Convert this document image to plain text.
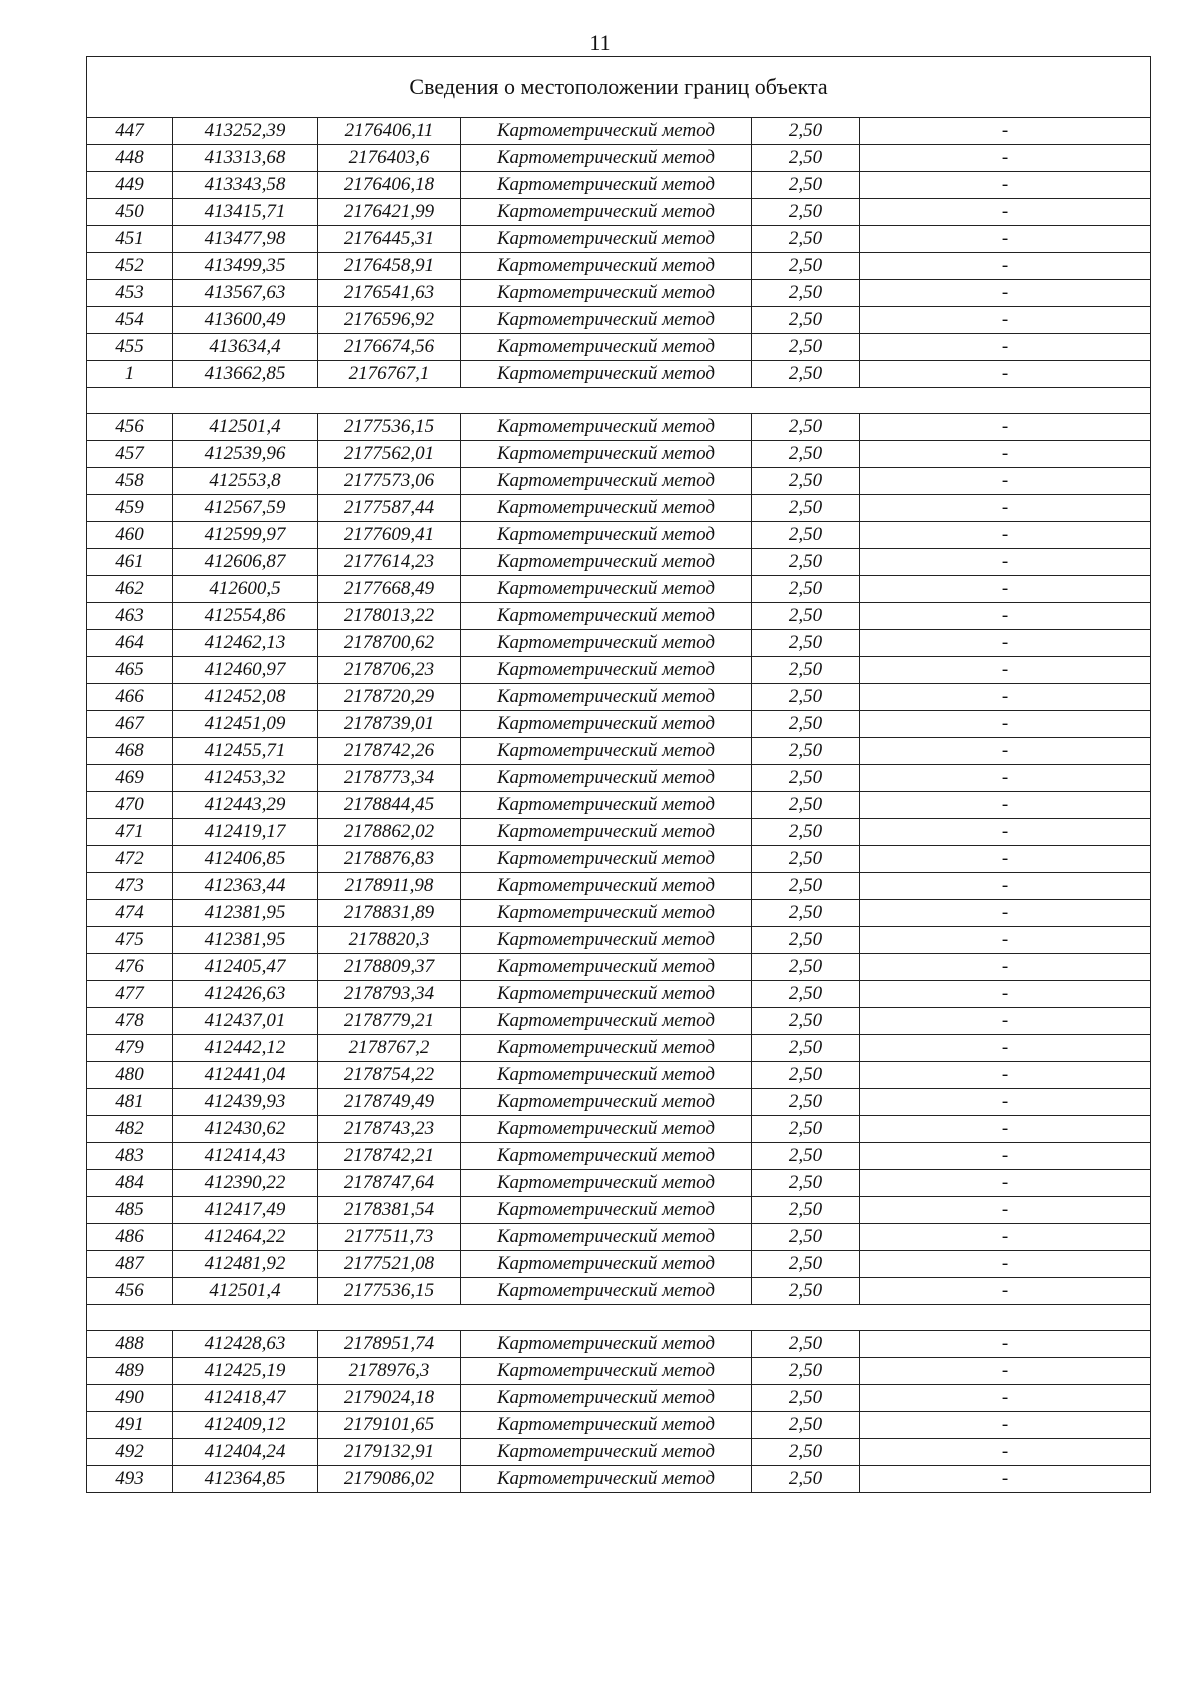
11
Сведения о местоположении границ объекта					
447	413252,39	2176406,11	Картометрический метод	2,50	-
448	413313,68	2176403,6	Картометрический метод	2,50	-
449	413343,58	2176406,18	Картометрический метод	2,50	-
450	413415,71	2176421,99	Картометрический метод	2,50	-
451	413477,98	2176445,31	Картометрический метод	2,50	-
452	413499,35	2176458,91	Картометрический метод	2,50	-
453	413567,63	2176541,63	Картометрический метод	2,50	-
454	413600,49	2176596,92	Картометрический метод	2,50	-
455	413634,4	2176674,56	Картометрический метод	2,50	-
1	413662,85	2176767,1	Картометрический метод	2,50	-

456	412501,4	2177536,15	Картометрический метод	2,50	-
457	412539,96	2177562,01	Картометрический метод	2,50	-
458	412553,8	2177573,06	Картометрический метод	2,50	-
459	412567,59	2177587,44	Картометрический метод	2,50	-
460	412599,97	2177609,41	Картометрический метод	2,50	-
461	412606,87	2177614,23	Картометрический метод	2,50	-
462	412600,5	2177668,49	Картометрический метод	2,50	-
463	412554,86	2178013,22	Картометрический метод	2,50	-
464	412462,13	2178700,62	Картометрический метод	2,50	-
465	412460,97	2178706,23	Картометрический метод	2,50	-
466	412452,08	2178720,29	Картометрический метод	2,50	-
467	412451,09	2178739,01	Картометрический метод	2,50	-
468	412455,71	2178742,26	Картометрический метод	2,50	-
469	412453,32	2178773,34	Картометрический метод	2,50	-
470	412443,29	2178844,45	Картометрический метод	2,50	-
471	412419,17	2178862,02	Картометрический метод	2,50	-
472	412406,85	2178876,83	Картометрический метод	2,50	-
473	412363,44	2178911,98	Картометрический метод	2,50	-
474	412381,95	2178831,89	Картометрический метод	2,50	-
475	412381,95	2178820,3	Картометрический метод	2,50	-
476	412405,47	2178809,37	Картометрический метод	2,50	-
477	412426,63	2178793,34	Картометрический метод	2,50	-
478	412437,01	2178779,21	Картометрический метод	2,50	-
479	412442,12	2178767,2	Картометрический метод	2,50	-
480	412441,04	2178754,22	Картометрический метод	2,50	-
481	412439,93	2178749,49	Картометрический метод	2,50	-
482	412430,62	2178743,23	Картометрический метод	2,50	-
483	412414,43	2178742,21	Картометрический метод	2,50	-
484	412390,22	2178747,64	Картометрический метод	2,50	-
485	412417,49	2178381,54	Картометрический метод	2,50	-
486	412464,22	2177511,73	Картометрический метод	2,50	-
487	412481,92	2177521,08	Картометрический метод	2,50	-
456	412501,4	2177536,15	Картометрический метод	2,50	-

488	412428,63	2178951,74	Картометрический метод	2,50	-
489	412425,19	2178976,3	Картометрический метод	2,50	-
490	412418,47	2179024,18	Картометрический метод	2,50	-
491	412409,12	2179101,65	Картометрический метод	2,50	-
492	412404,24	2179132,91	Картометрический метод	2,50	-
493	412364,85	2179086,02	Картометрический метод	2,50	-
